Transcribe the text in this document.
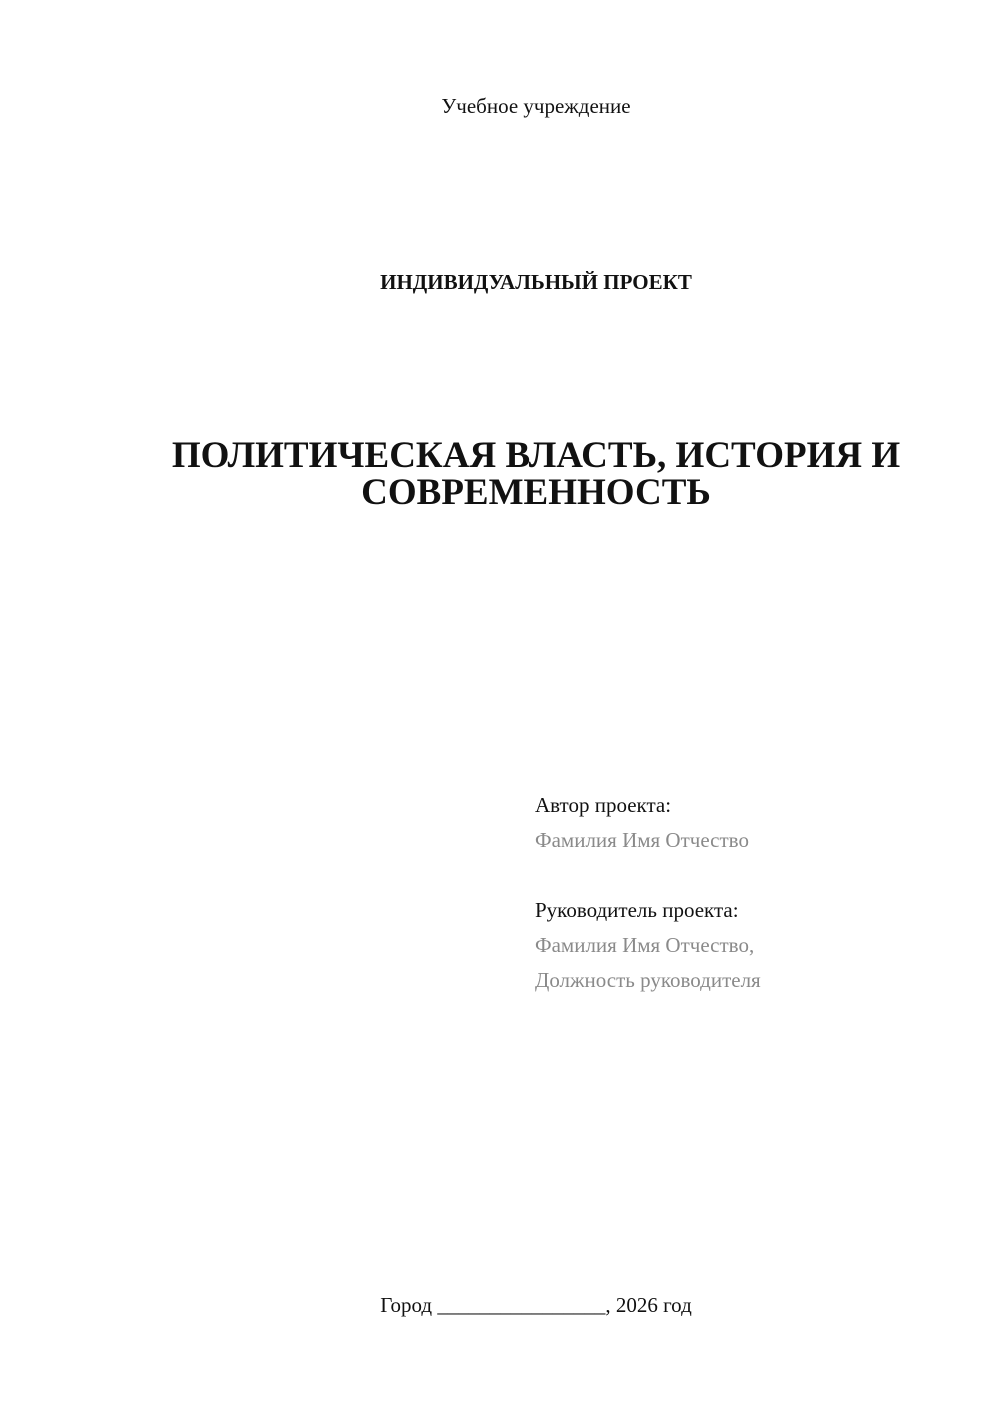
Учебное учреждение
ИНДИВИДУАЛЬНЫЙ ПРОЕКТ
ПОЛИТИЧЕСКАЯ ВЛАСТЬ, ИСТОРИЯ И
СОВРЕМЕННОСТЬ
Автор проекта:
Фамилия Имя Отчество
Руководитель проекта:
Фамилия Имя Отчество,
Должность руководителя
Город ________________, 2026 год
